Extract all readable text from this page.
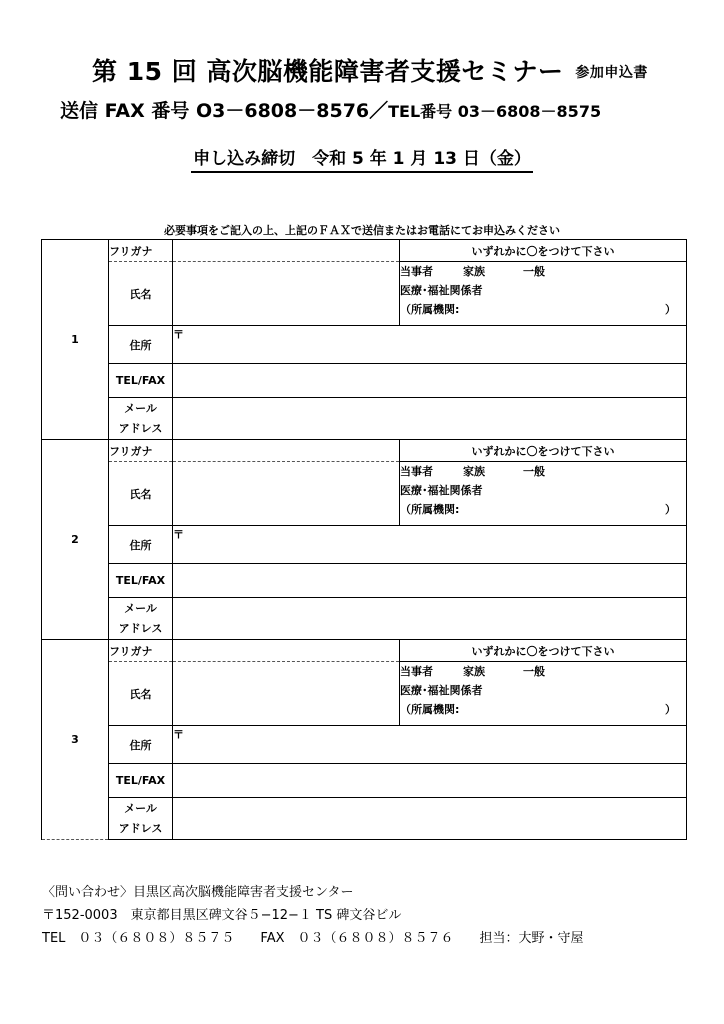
第 15 回 高次脳機能障害者支援セミナー 参加申込書
送信 FAX 番号 O3－6808－8576／TEL番号 03－6808－8575
申し込み締切　令和 5 年 1 月 13 日（金）
必要事項をご記入の上、上記のＦＡＸで送信またはお電話にてお申込みください
1	フリガナ		いずれかに〇をつけて下さい
	氏名		当事者 家族 一般
医療･福祉関係者
（所属機関: ）

	住所	〒	
	TEL/FAX		

	メール
アドレス		

2	フリガナ		いずれかに〇をつけて下さい
	氏名		当事者 家族 一般
医療･福祉関係者
（所属機関: ）

	住所	〒	
	TEL/FAX		

	メール
アドレス		

3	フリガナ		いずれかに〇をつけて下さい
	氏名		当事者 家族 一般
医療･福祉関係者
（所属機関: ）

	住所	〒	
	TEL/FAX		

	メール
アドレス		

〈問い合わせ〉目黒区高次脳機能障害者支援センター
〒152-0003　東京都目黒区碑文谷５−12−１ TS 碑文谷ビル
TEL　０３（６８０８）８５７５ FAX　０３（６８０８）８５７６ 担当：大野・守屋
